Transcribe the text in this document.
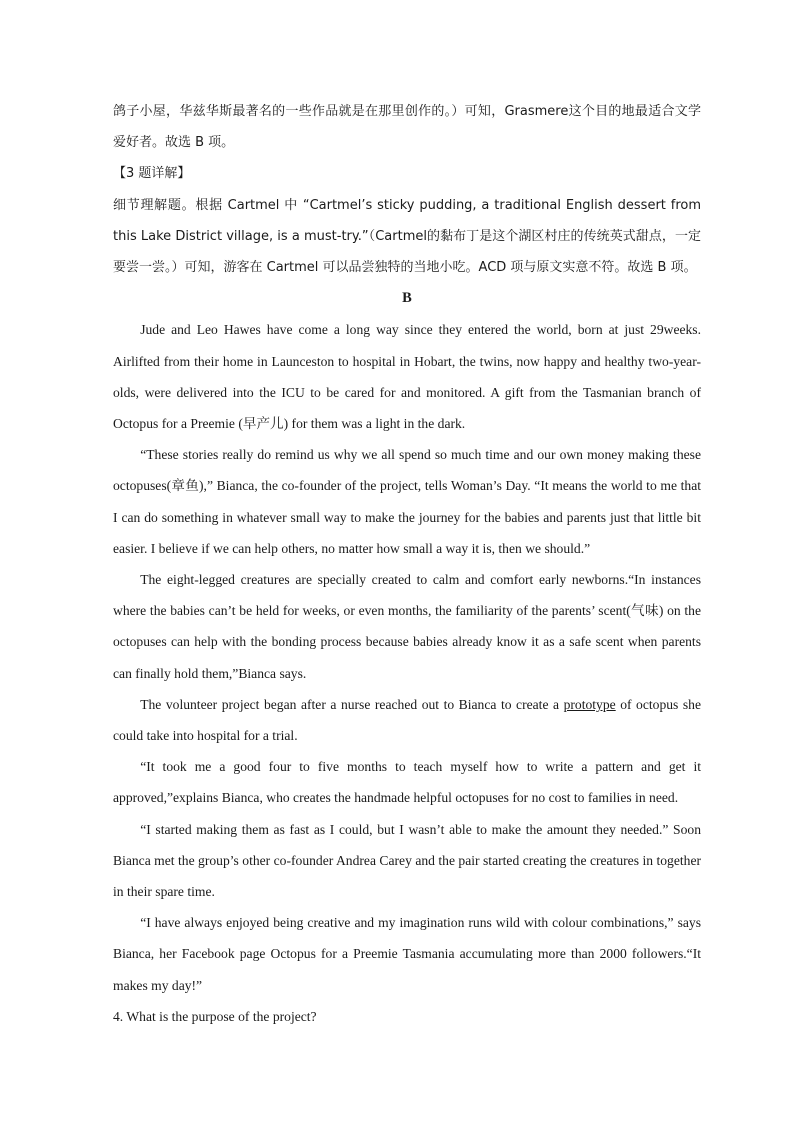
鸽子小屋，华兹华斯最著名的一些作品就是在那里创作的。）可知，Grasmere这个目的地最适合文学爱好者。故选 B 项。

【3 题详解】

细节理解题。根据 Cartmel 中 “Cartmel’s sticky pudding, a traditional English dessert from this Lake District village, is a must-try.”（Cartmel的黏布丁是这个湖区村庄的传统英式甜点，一定要尝一尝。）可知，游客在 Cartmel 可以品尝独特的当地小吃。ACD 项与原文实意不符。故选 B 项。

B

Jude and Leo Hawes have come a long way since they entered the world, born at just 29weeks. Airlifted from their home in Launceston to hospital in Hobart, the twins, now happy and healthy two-year-olds, were delivered into the ICU to be cared for and monitored. A gift from the Tasmanian branch of Octopus for a Preemie (早产儿) for them was a light in the dark.

“These stories really do remind us why we all spend so much time and our own money making these octopuses(章鱼),” Bianca, the co-founder of the project, tells Woman’s Day. “It means the world to me that I can do something in whatever small way to make the journey for the babies and parents just that little bit easier. I believe if we can help others, no matter how small a way it is, then we should.”

The eight-legged creatures are specially created to calm and comfort early newborns.“In instances where the babies can’t be held for weeks, or even months, the familiarity of the parents’ scent(气味) on the octopuses can help with the bonding process because babies already know it as a safe scent when parents can finally hold them,”Bianca says.

The volunteer project began after a nurse reached out to Bianca to create a prototype of octopus she could take into hospital for a trial.

“It took me a good four to five months to teach myself how to write a pattern and get it approved,”explains Bianca, who creates the handmade helpful octopuses for no cost to families in need.

“I started making them as fast as I could, but I wasn’t able to make the amount they needed.” Soon Bianca met the group’s other co-founder Andrea Carey and the pair started creating the creatures in together in their spare time.

“I have always enjoyed being creative and my imagination runs wild with colour combinations,” says Bianca, her Facebook page Octopus for a Preemie Tasmania accumulating more than 2000 followers.“It makes my day!”

4. What is the purpose of the project?
